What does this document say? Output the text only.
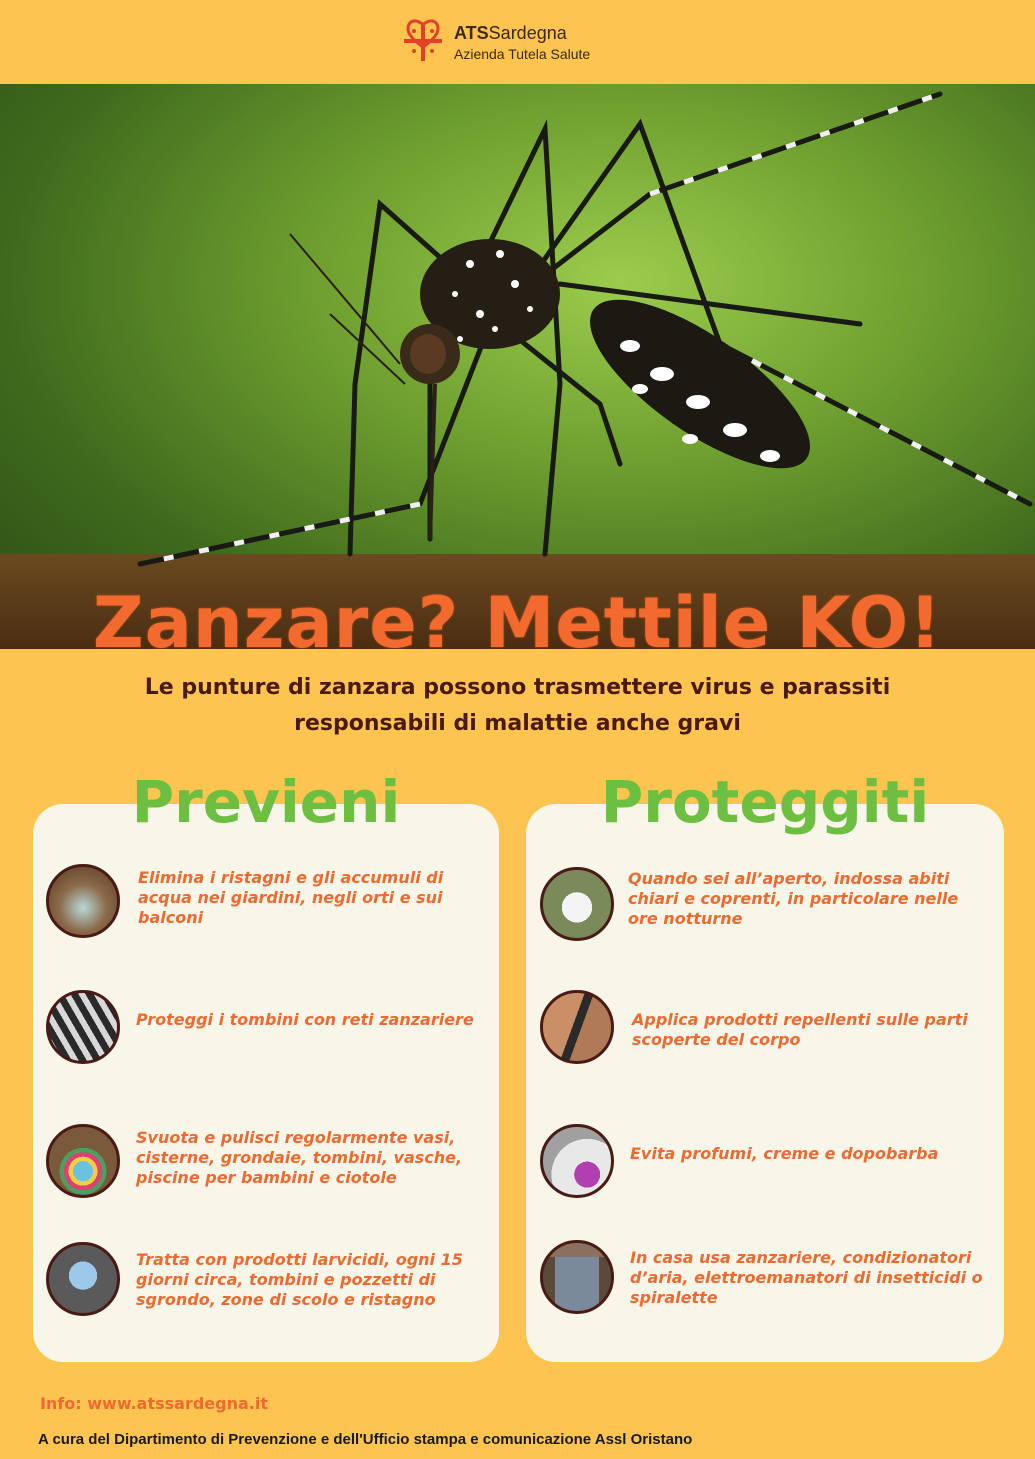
ATSSardegna
Azienda Tutela Salute
Zanzare? Mettile KO!
Le punture di zanzara possono trasmettere virus e parassiti
responsabili di malattie anche gravi
Previeni	Proteggiti
Elimina i ristagni e gli accumuli di acqua nei giardini, negli orti e sui balconi
Proteggi i tombini con reti zanzariere
Svuota e pulisci regolarmente vasi, cisterne, grondaie, tombini, vasche, piscine per bambini e ciotole
Tratta con prodotti larvicidi, ogni 15 giorni circa, tombini e pozzetti di sgrondo, zone di scolo e ristagno
Quando sei all’aperto, indossa abiti chiari e coprenti, in particolare nelle ore notturne
Applica prodotti repellenti sulle parti scoperte del corpo
Evita profumi, creme e dopobarba
In casa usa zanzariere, condizionatori d’aria, elettroemanatori di insetticidi o spiralette
Info: www.atssardegna.it
A cura del Dipartimento di Prevenzione e dell'Ufficio stampa e comunicazione Assl Oristano
